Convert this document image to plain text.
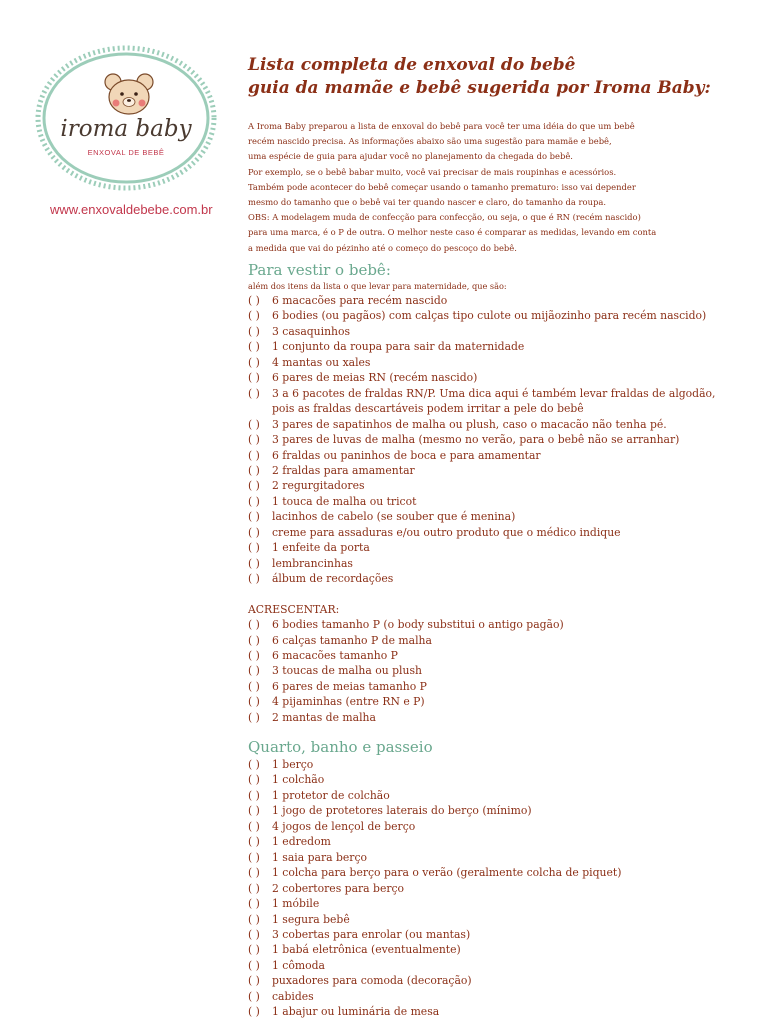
iroma baby
ENXOVAL DE BEBÊ
www.enxovaldebebe.com.br
Lista completa de enxoval do bebê
guia da mamãe e bebê sugerida por Iroma Baby:
A Iroma Baby preparou a lista de enxoval do bebê para você ter uma idéia do que um bebê
recém nascido precisa. As informações abaixo são uma sugestão para mamãe e bebê,
uma espécie de guia para ajudar você no planejamento da chegada do bebê.
Por exemplo, se o bebê babar muito, você vai precisar de mais roupinhas e acessórios.
Também pode acontecer do bebê começar usando o tamanho prematuro: isso vai depender
mesmo do tamanho que o bebê vai ter quando nascer e claro, do tamanho da roupa.
OBS: A modelagem muda de confecção para confecção, ou seja, o que é RN (recém nascido)
para uma marca, é o P de outra. O melhor neste caso é comparar as medidas, levando em conta
a medida que vai do pézinho até o começo do pescoço do bebê.
Para vestir o bebê:
além dos itens da lista o que levar para maternidade, que são:
( )	6 macacões para recém nascido
( )	6 bodies (ou pagãos) com calças tipo culote ou mijãozinho para recém nascido)
( )	3 casaquinhos
( )	1 conjunto da roupa para sair da maternidade
( )	4 mantas ou xales
( )	6 pares de meias RN (recém nascido)
( )	3 a 6 pacotes de fraldas RN/P. Uma dica aqui é também levar fraldas de algodão,
pois as fraldas descartáveis podem irritar a pele do bebê
( )	3 pares de sapatinhos de malha ou plush, caso o macacão não tenha pé.
( )	3 pares de luvas de malha (mesmo no verão, para o bebê não se arranhar)
( )	6 fraldas ou paninhos de boca e para amamentar
( )	2 fraldas para amamentar
( )	2 regurgitadores
( )	1 touca de malha ou tricot
( )	lacinhos de cabelo (se souber que é menina)
( )	creme para assaduras e/ou outro produto que o médico indique
( )	1 enfeite da porta
( )	lembrancinhas
( )	álbum de recordações
ACRESCENTAR:
( )	6 bodies tamanho P (o body substitui o antigo pagão)
( )	6 calças tamanho P de malha
( )	6 macacões tamanho P
( )	3 toucas de malha ou plush
( )	6 pares de meias tamanho P
( )	4 pijaminhas (entre RN e P)
( )	2 mantas de malha
Quarto, banho e passeio
( )	1 berço
( )	1 colchão
( )	1 protetor de colchão
( )	1 jogo de protetores laterais do berço (mínimo)
( )	4 jogos de lençol de berço
( )	1 edredom
( )	1 saia para berço
( )	1 colcha para berço para o verão (geralmente colcha de piquet)
( )	2 cobertores para berço
( )	1 móbile
( )	1 segura bebê
( )	3 cobertas para enrolar (ou mantas)
( )	1 babá eletrônica (eventualmente)
( )	1 cômoda
( )	puxadores para comoda (decoração)
( )	cabides
( )	1 abajur ou luminária de mesa
